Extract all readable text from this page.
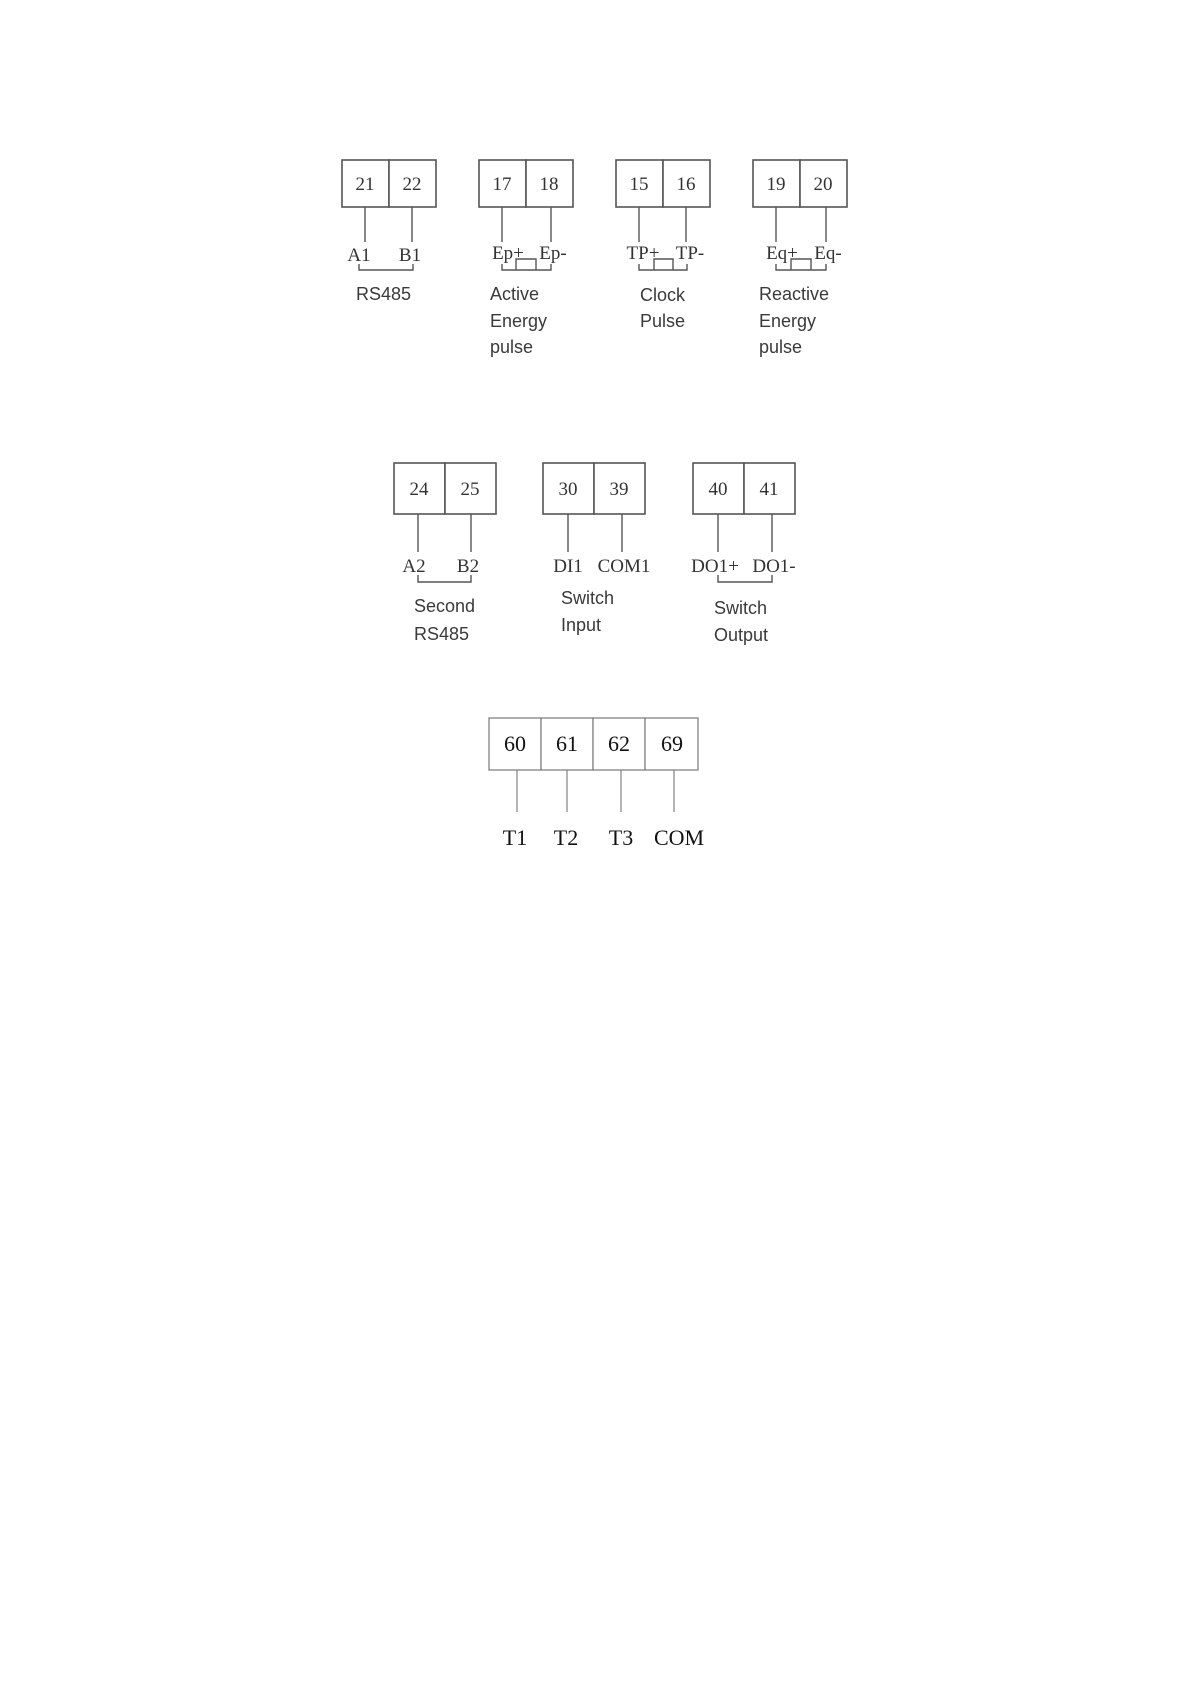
21 22
A1 B1
RS485
17 18
Ep+ Ep-
Active
Energy
pulse
15 16
TP+ TP-
Clock
Pulse
19 20
Eq+ Eq-
Reactive
Energy
pulse
24 25
A2 B2
Second
RS485
30 39
DI1 COM1
Switch
Input
40 41
DO1+ DO1-
Switch
Output
60 61 62 69
T1 T2 T3 COM
